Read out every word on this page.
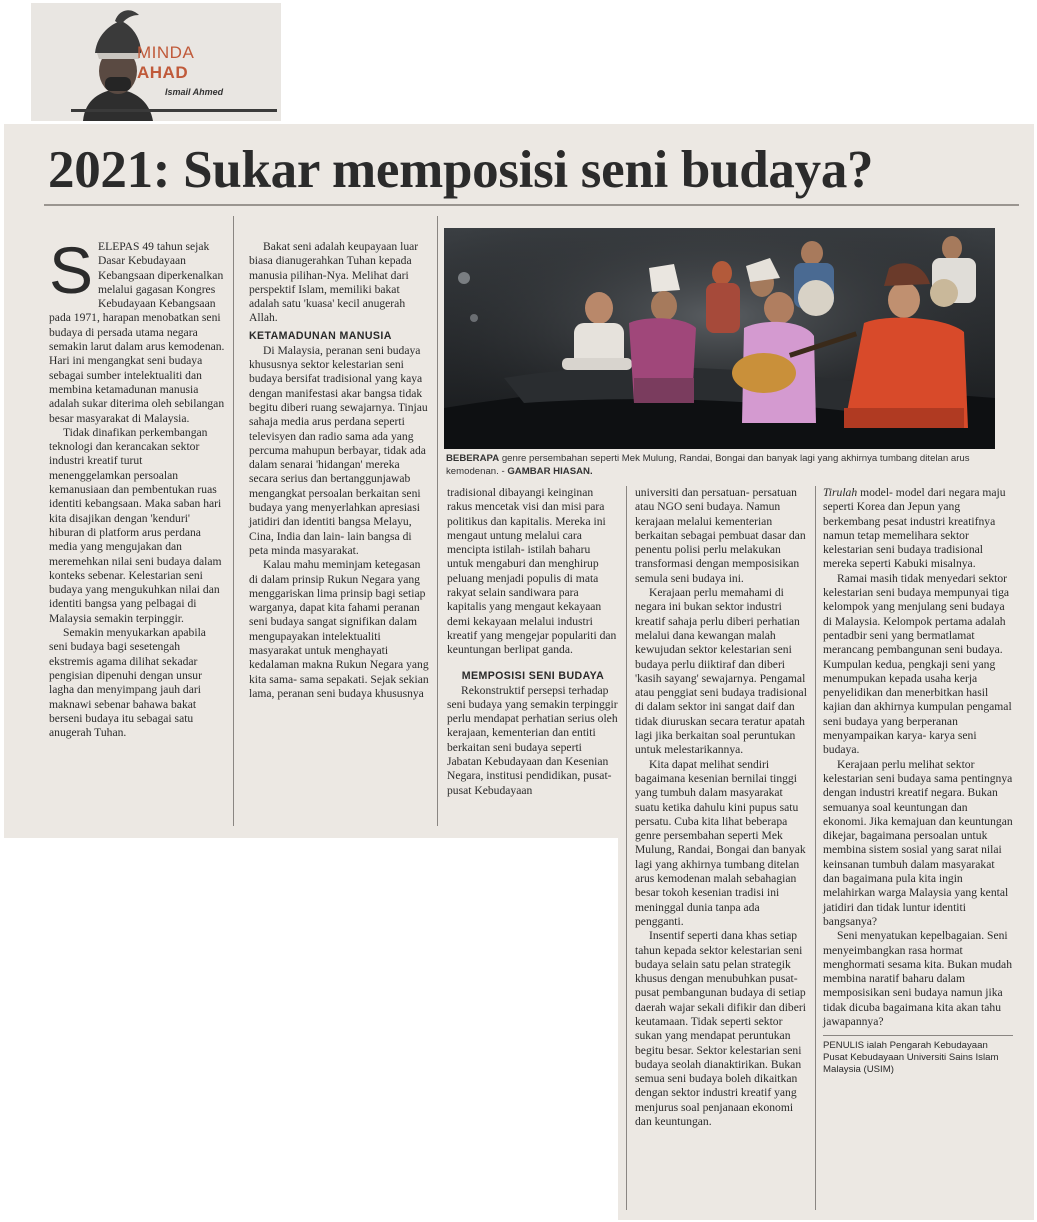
MINDA
AHAD
Ismail Ahmed
2021: Sukar memposisi seni budaya?
BEBERAPA genre persembahan seperti Mek Mulung, Randai, Bongai dan banyak lagi yang akhirnya tumbang ditelan arus kemodenan. - GAMBAR HIASAN.
S ELEPAS 49 tahun sejak Dasar Kebudayaan Kebangsaan diperkenalkan melalui gagasan Kongres Kebudayaan Kebangsaan pada 1971, harapan menobatkan seni budaya di persada utama negara semakin larut dalam arus kemodenan. Hari ini mengangkat seni budaya sebagai sumber intelektualiti dan membina ketamadunan manusia adalah sukar diterima oleh sebilangan besar masyarakat di Malaysia.

Tidak dinafikan perkembangan teknologi dan kerancakan sektor industri kreatif turut menenggelamkan persoalan kemanusiaan dan pembentukan ruas identiti kebangsaan. Maka saban hari kita disajikan dengan 'kenduri' hiburan di platform arus perdana media yang mengujakan dan meremehkan nilai seni budaya dalam konteks sebenar. Kelestarian seni budaya yang mengukuhkan nilai dan identiti bangsa yang pelbagai di Malaysia semakin terpinggir.

Semakin menyukarkan apabila seni budaya bagi sesetengah ekstremis agama dilihat sekadar pengisian dipenuhi dengan unsur lagha dan menyimpang jauh dari maknawi sebenar bahawa bakat berseni budaya itu sebagai satu anugerah Tuhan.

Bakat seni adalah keupayaan luar biasa dianugerahkan Tuhan kepada manusia pilihan-Nya. Melihat dari perspektif Islam, memiliki bakat adalah satu 'kuasa' kecil anugerah Allah.

KETAMADUNAN MANUSIA

Di Malaysia, peranan seni budaya khususnya sektor kelestarian seni budaya bersifat tradisional yang kaya dengan manifestasi akar bangsa tidak begitu diberi ruang sewajarnya. Tinjau sahaja media arus perdana seperti televisyen dan radio sama ada yang percuma mahupun berbayar, tidak ada dalam senarai 'hidangan' mereka secara serius dan bertanggunjawab mengangkat persoalan berkaitan seni budaya yang menyerlahkan apresiasi jatidiri dan identiti bangsa Melayu, Cina, India dan lain- lain bangsa di peta minda masyarakat.

Kalau mahu meminjam ketegasan di dalam prinsip Rukun Negara yang menggariskan lima prinsip bagi setiap warganya, dapat kita fahami peranan seni budaya sangat signifikan dalam mengupayakan intelektualiti masyarakat untuk menghayati kedalaman makna Rukun Negara yang kita sama- sama sepakati. Sejak sekian lama, peranan seni budaya khususnya

tradisional dibayangi keinginan rakus mencetak visi dan misi para politikus dan kapitalis. Mereka ini mengaut untung melalui cara mencipta istilah- istilah baharu untuk mengaburi dan menghirup peluang menjadi populis di mata rakyat selain sandiwara para kapitalis yang mengaut kekayaan demi kekayaan melalui industri kreatif yang mengejar populariti dan keuntungan berlipat ganda.

MEMPOSISI SENI BUDAYA

Rekonstruktif persepsi terhadap seni budaya yang semakin terpinggir perlu mendapat perhatian serius oleh kerajaan, kementerian dan entiti berkaitan seni budaya seperti Jabatan Kebudayaan dan Kesenian Negara, institusi pendidikan, pusat- pusat Kebudayaan

universiti dan persatuan- persatuan atau NGO seni budaya. Namun kerajaan melalui kementerian berkaitan sebagai pembuat dasar dan penentu polisi perlu melakukan transformasi dengan memposisikan semula seni budaya ini.

Kerajaan perlu memahami di negara ini bukan sektor industri kreatif sahaja perlu diberi perhatian melalui dana kewangan malah kewujudan sektor kelestarian seni budaya perlu diiktiraf dan diberi 'kasih sayang' sewajarnya. Pengamal atau penggiat seni budaya tradisional di dalam sektor ini sangat daif dan tidak diuruskan secara teratur apatah lagi jika berkaitan soal peruntukan untuk melestarikannya.

Kita dapat melihat sendiri bagaimana kesenian bernilai tinggi yang tumbuh dalam masyarakat suatu ketika dahulu kini pupus satu persatu. Cuba kita lihat beberapa genre persembahan seperti Mek Mulung, Randai, Bongai dan banyak lagi yang akhirnya tumbang ditelan arus kemodenan malah sebahagian besar tokoh kesenian tradisi ini meninggal dunia tanpa ada pengganti.

Insentif seperti dana khas setiap tahun kepada sektor kelestarian seni budaya selain satu pelan strategik khusus dengan menubuhkan pusat- pusat pembangunan budaya di setiap daerah wajar sekali difikir dan diberi keutamaan. Tidak seperti sektor sukan yang mendapat peruntukan begitu besar. Sektor kelestarian seni budaya seolah dianaktirikan. Bukan semua seni budaya boleh dikaitkan dengan sektor industri kreatif yang menjurus soal penjanaan ekonomi dan keuntungan.

Tirulah model- model dari negara maju seperti Korea dan Jepun yang berkembang pesat industri kreatifnya namun tetap memelihara sektor kelestarian seni budaya tradisional mereka seperti Kabuki misalnya.

Ramai masih tidak menyedari sektor kelestarian seni budaya mempunyai tiga kelompok yang menjulang seni budaya di Malaysia. Kelompok pertama adalah pentadbir seni yang bermatlamat merancang pembangunan seni budaya. Kumpulan kedua, pengkaji seni yang menumpukan kepada usaha kerja penyelidikan dan menerbitkan hasil kajian dan akhirnya kumpulan pengamal seni budaya yang berperanan menyampaikan karya- karya seni budaya.

Kerajaan perlu melihat sektor kelestarian seni budaya sama pentingnya dengan industri kreatif negara. Bukan semuanya soal keuntungan dan ekonomi. Jika kemajuan dan keuntungan dikejar, bagaimana persoalan untuk membina sistem sosial yang sarat nilai keinsanan tumbuh dalam masyarakat dan bagaimana pula kita ingin melahirkan warga Malaysia yang kental jatidiri dan tidak luntur identiti bangsanya?

Seni menyatukan kepelbagaian. Seni menyeimbangkan rasa hormat menghormati sesama kita. Bukan mudah membina naratif baharu dalam memposisikan seni budaya namun jika tidak dicuba bagaimana kita akan tahu jawapannya?

PENULIS ialah Pengarah Kebudayaan Pusat Kebudayaan Universiti Sains Islam Malaysia (USIM)
